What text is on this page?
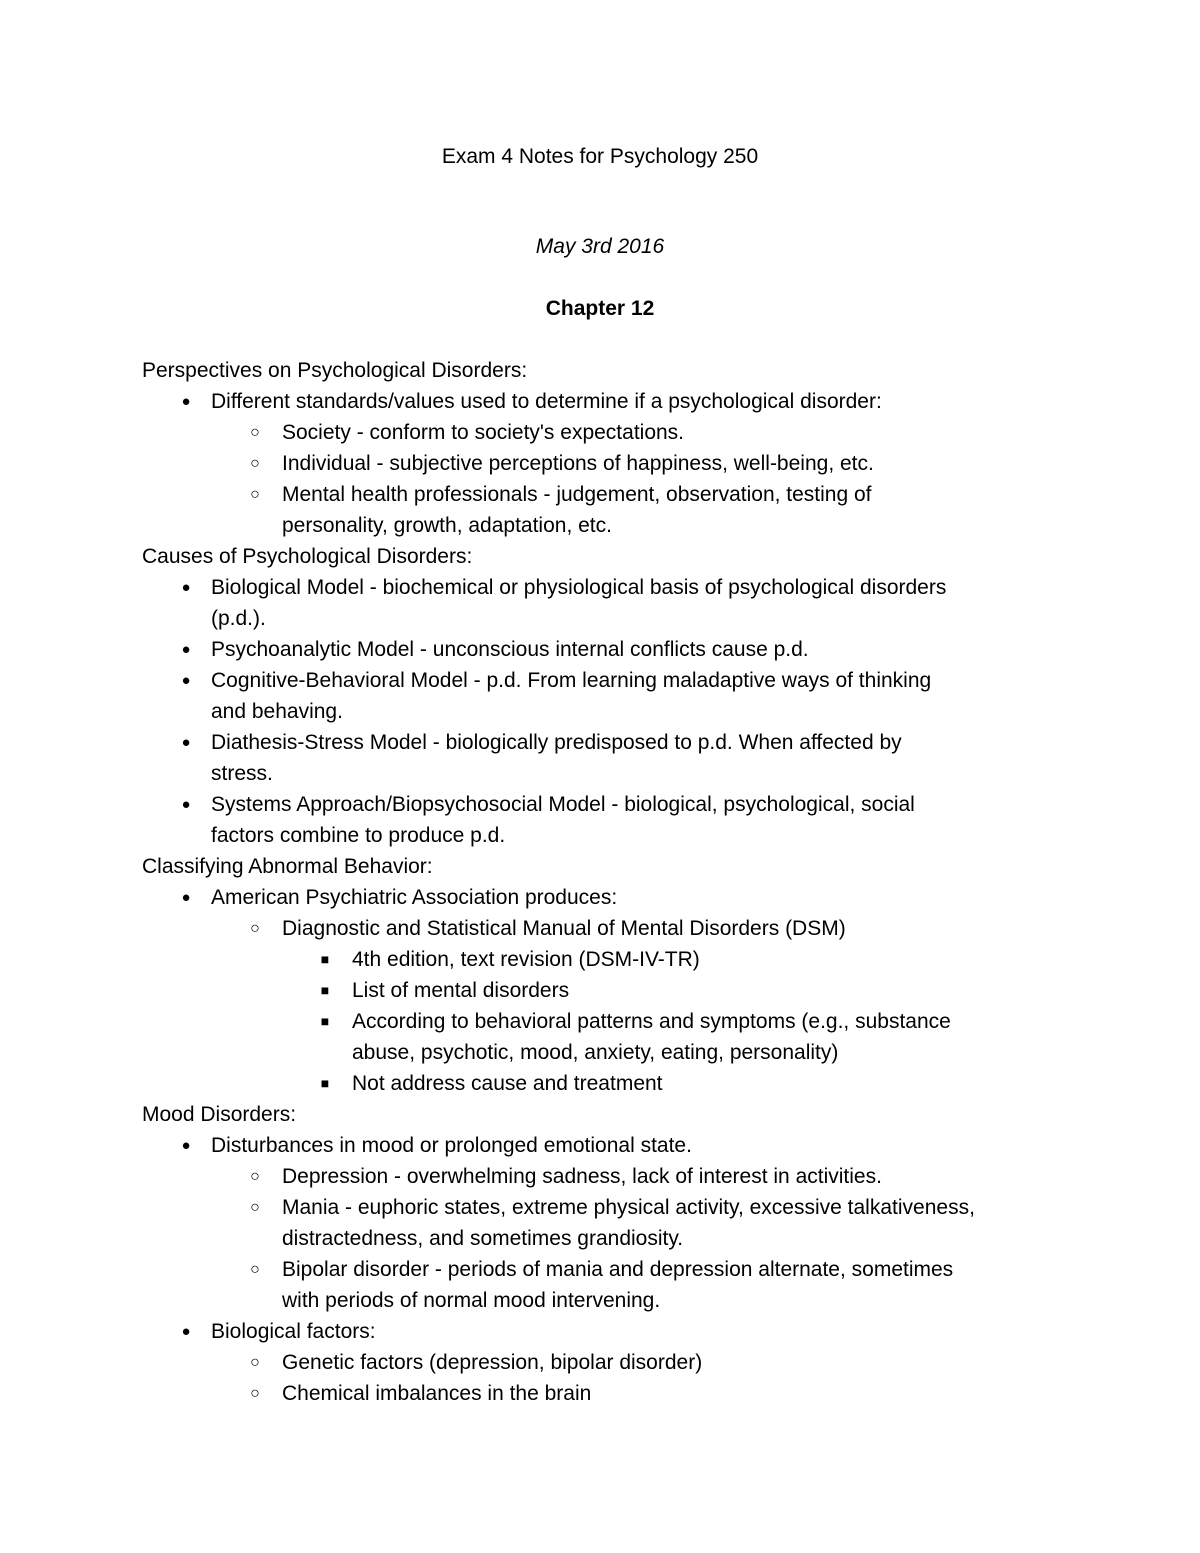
Exam 4 Notes for Psychology 250
May 3rd 2016
Chapter 12
Perspectives on Psychological Disorders:
● Different standards/values used to determine if a psychological disorder:
○ Society - conform to society's expectations.
○ Individual - subjective perceptions of happiness, well-being, etc.
○ Mental health professionals - judgement, observation, testing of
personality, growth, adaptation, etc.
Causes of Psychological Disorders:
● Biological Model - biochemical or physiological basis of psychological disorders
(p.d.).
● Psychoanalytic Model - unconscious internal conflicts cause p.d.
● Cognitive-Behavioral Model - p.d. From learning maladaptive ways of thinking
and behaving.
● Diathesis-Stress Model - biologically predisposed to p.d. When affected by
stress.
● Systems Approach/Biopsychosocial Model - biological, psychological, social
factors combine to produce p.d.
Classifying Abnormal Behavior:
● American Psychiatric Association produces:
○ Diagnostic and Statistical Manual of Mental Disorders (DSM)
■ 4th edition, text revision (DSM-IV-TR)
■ List of mental disorders
■ According to behavioral patterns and symptoms (e.g., substance
abuse, psychotic, mood, anxiety, eating, personality)
■ Not address cause and treatment
Mood Disorders:
● Disturbances in mood or prolonged emotional state.
○ Depression - overwhelming sadness, lack of interest in activities.
○ Mania - euphoric states, extreme physical activity, excessive talkativeness,
distractedness, and sometimes grandiosity.
○ Bipolar disorder - periods of mania and depression alternate, sometimes
with periods of normal mood intervening.
● Biological factors:
○ Genetic factors (depression, bipolar disorder)
○ Chemical imbalances in the brain
